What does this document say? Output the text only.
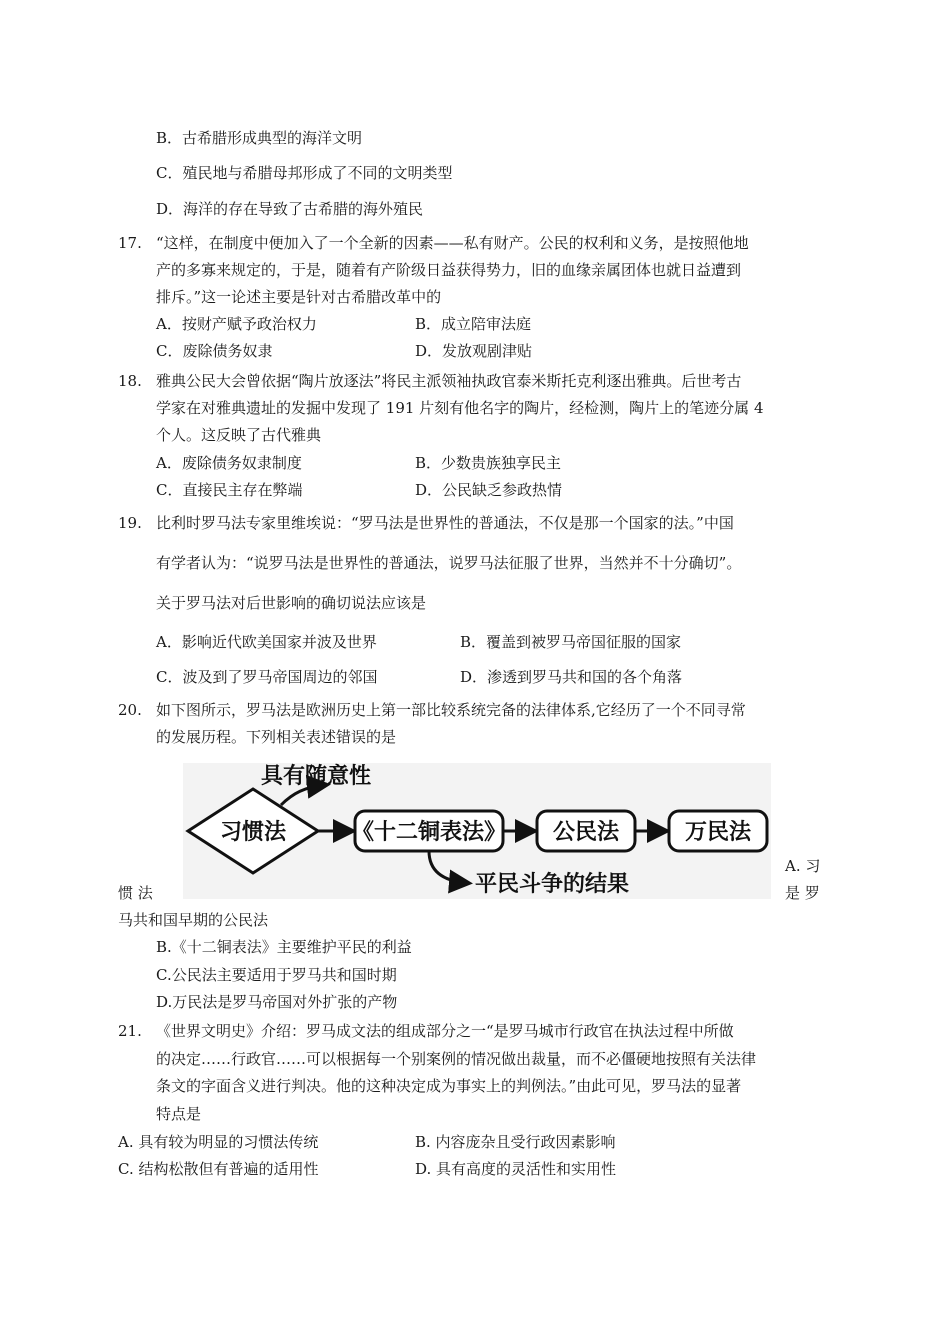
B．古希腊形成典型的海洋文明
C．殖民地与希腊母邦形成了不同的文明类型
D．海洋的存在导致了古希腊的海外殖民
17. “这样，在制度中便加入了一个全新的因素——私有财产。公民的权利和义务，是按照他地
产的多寡来规定的，于是，随着有产阶级日益获得势力，旧的血缘亲属团体也就日益遭到
排斥。”这一论述主要是针对古希腊改革中的
A．按财产赋予政治权力	B．成立陪审法庭
C．废除债务奴隶	D．发放观剧津贴
18. 雅典公民大会曾依据“陶片放逐法”将民主派领袖执政官泰米斯托克利逐出雅典。后世考古
学家在对雅典遗址的发掘中发现了 191 片刻有他名字的陶片，经检测，陶片上的笔迹分属 4
个人。这反映了古代雅典
A．废除债务奴隶制度	B．少数贵族独享民主
C．直接民主存在弊端	D．公民缺乏参政热情
19. 比利时罗马法专家里维埃说：“罗马法是世界性的普通法，不仅是那一个国家的法。”中国
有学者认为：“说罗马法是世界性的普通法，说罗马法征服了世界，当然并不十分确切”。
关于罗马法对后世影响的确切说法应该是
A．影响近代欧美国家并波及世界	B．覆盖到被罗马帝国征服的国家
C．波及到了罗马帝国周边的邻国	D．渗透到罗马共和国的各个角落
20. 如下图所示，罗马法是欧洲历史上第一部比较系统完备的法律体系,它经历了一个不同寻常
的发展历程。下列相关表述错误的是
具有随意性
习惯法	《十二铜表法》 公民法	万民法
平民斗争的结果
A. 习
惯 法	是 罗
马共和国早期的公民法
B.《十二铜表法》主要维护平民的利益
C.公民法主要适用于罗马共和国时期
D.万民法是罗马帝国对外扩张的产物
21. 《世界文明史》介绍：罗马成文法的组成部分之一“是罗马城市行政官在执法过程中所做
的决定……行政官……可以根据每一个别案例的情况做出裁量，而不必僵硬地按照有关法律
条文的字面含义进行判决。他的这种决定成为事实上的判例法。”由此可见，罗马法的显著
特点是
A. 具有较为明显的习惯法传统	B. 内容庞杂且受行政因素影响
C. 结构松散但有普遍的适用性	D. 具有高度的灵活性和实用性
